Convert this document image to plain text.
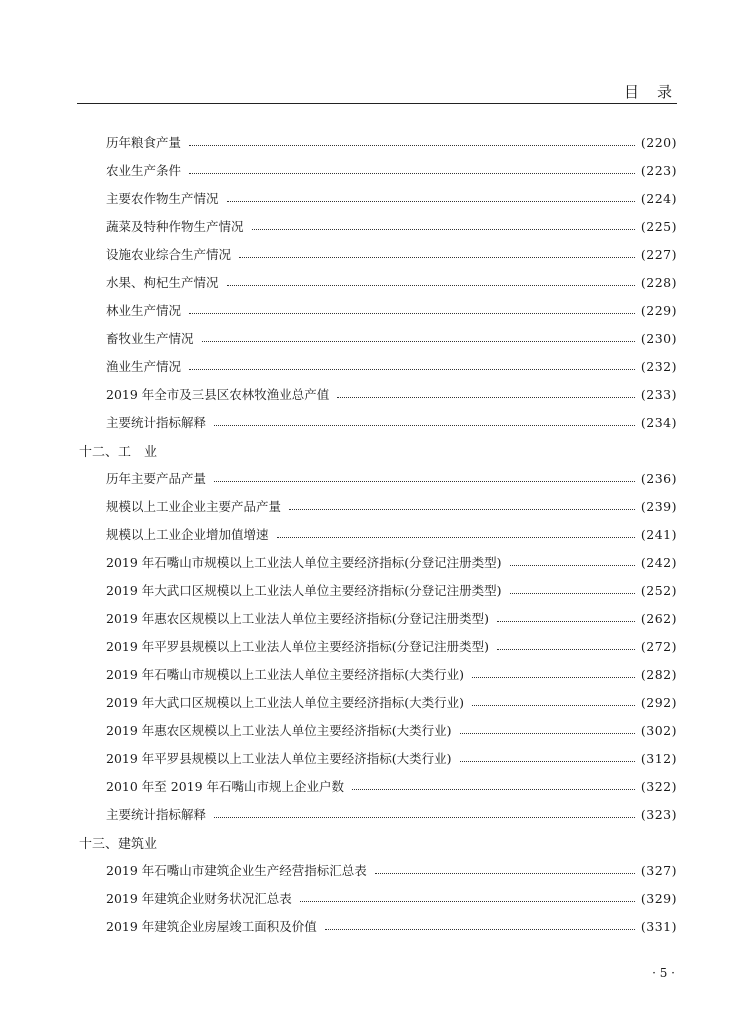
目 录
历年粮食产量	(220)
农业生产条件	(223)
主要农作物生产情况	(224)
蔬菜及特种作物生产情况	(225)
设施农业综合生产情况	(227)
水果、枸杞生产情况	(228)
林业生产情况	(229)
畜牧业生产情况	(230)
渔业生产情况	(232)
2019 年全市及三县区农林牧渔业总产值	(233)
主要统计指标解释	(234)
十二、工　业
历年主要产品产量	(236)
规模以上工业企业主要产品产量	(239)
规模以上工业企业增加值增速	(241)
2019 年石嘴山市规模以上工业法人单位主要经济指标(分登记注册类型)	(242)
2019 年大武口区规模以上工业法人单位主要经济指标(分登记注册类型)	(252)
2019 年惠农区规模以上工业法人单位主要经济指标(分登记注册类型)	(262)
2019 年平罗县规模以上工业法人单位主要经济指标(分登记注册类型)	(272)
2019 年石嘴山市规模以上工业法人单位主要经济指标(大类行业)	(282)
2019 年大武口区规模以上工业法人单位主要经济指标(大类行业)	(292)
2019 年惠农区规模以上工业法人单位主要经济指标(大类行业)	(302)
2019 年平罗县规模以上工业法人单位主要经济指标(大类行业)	(312)
2010 年至 2019 年石嘴山市规上企业户数	(322)
主要统计指标解释	(323)
十三、建筑业
2019 年石嘴山市建筑企业生产经营指标汇总表	(327)
2019 年建筑企业财务状况汇总表	(329)
2019 年建筑企业房屋竣工面积及价值	(331)
· 5 ·
